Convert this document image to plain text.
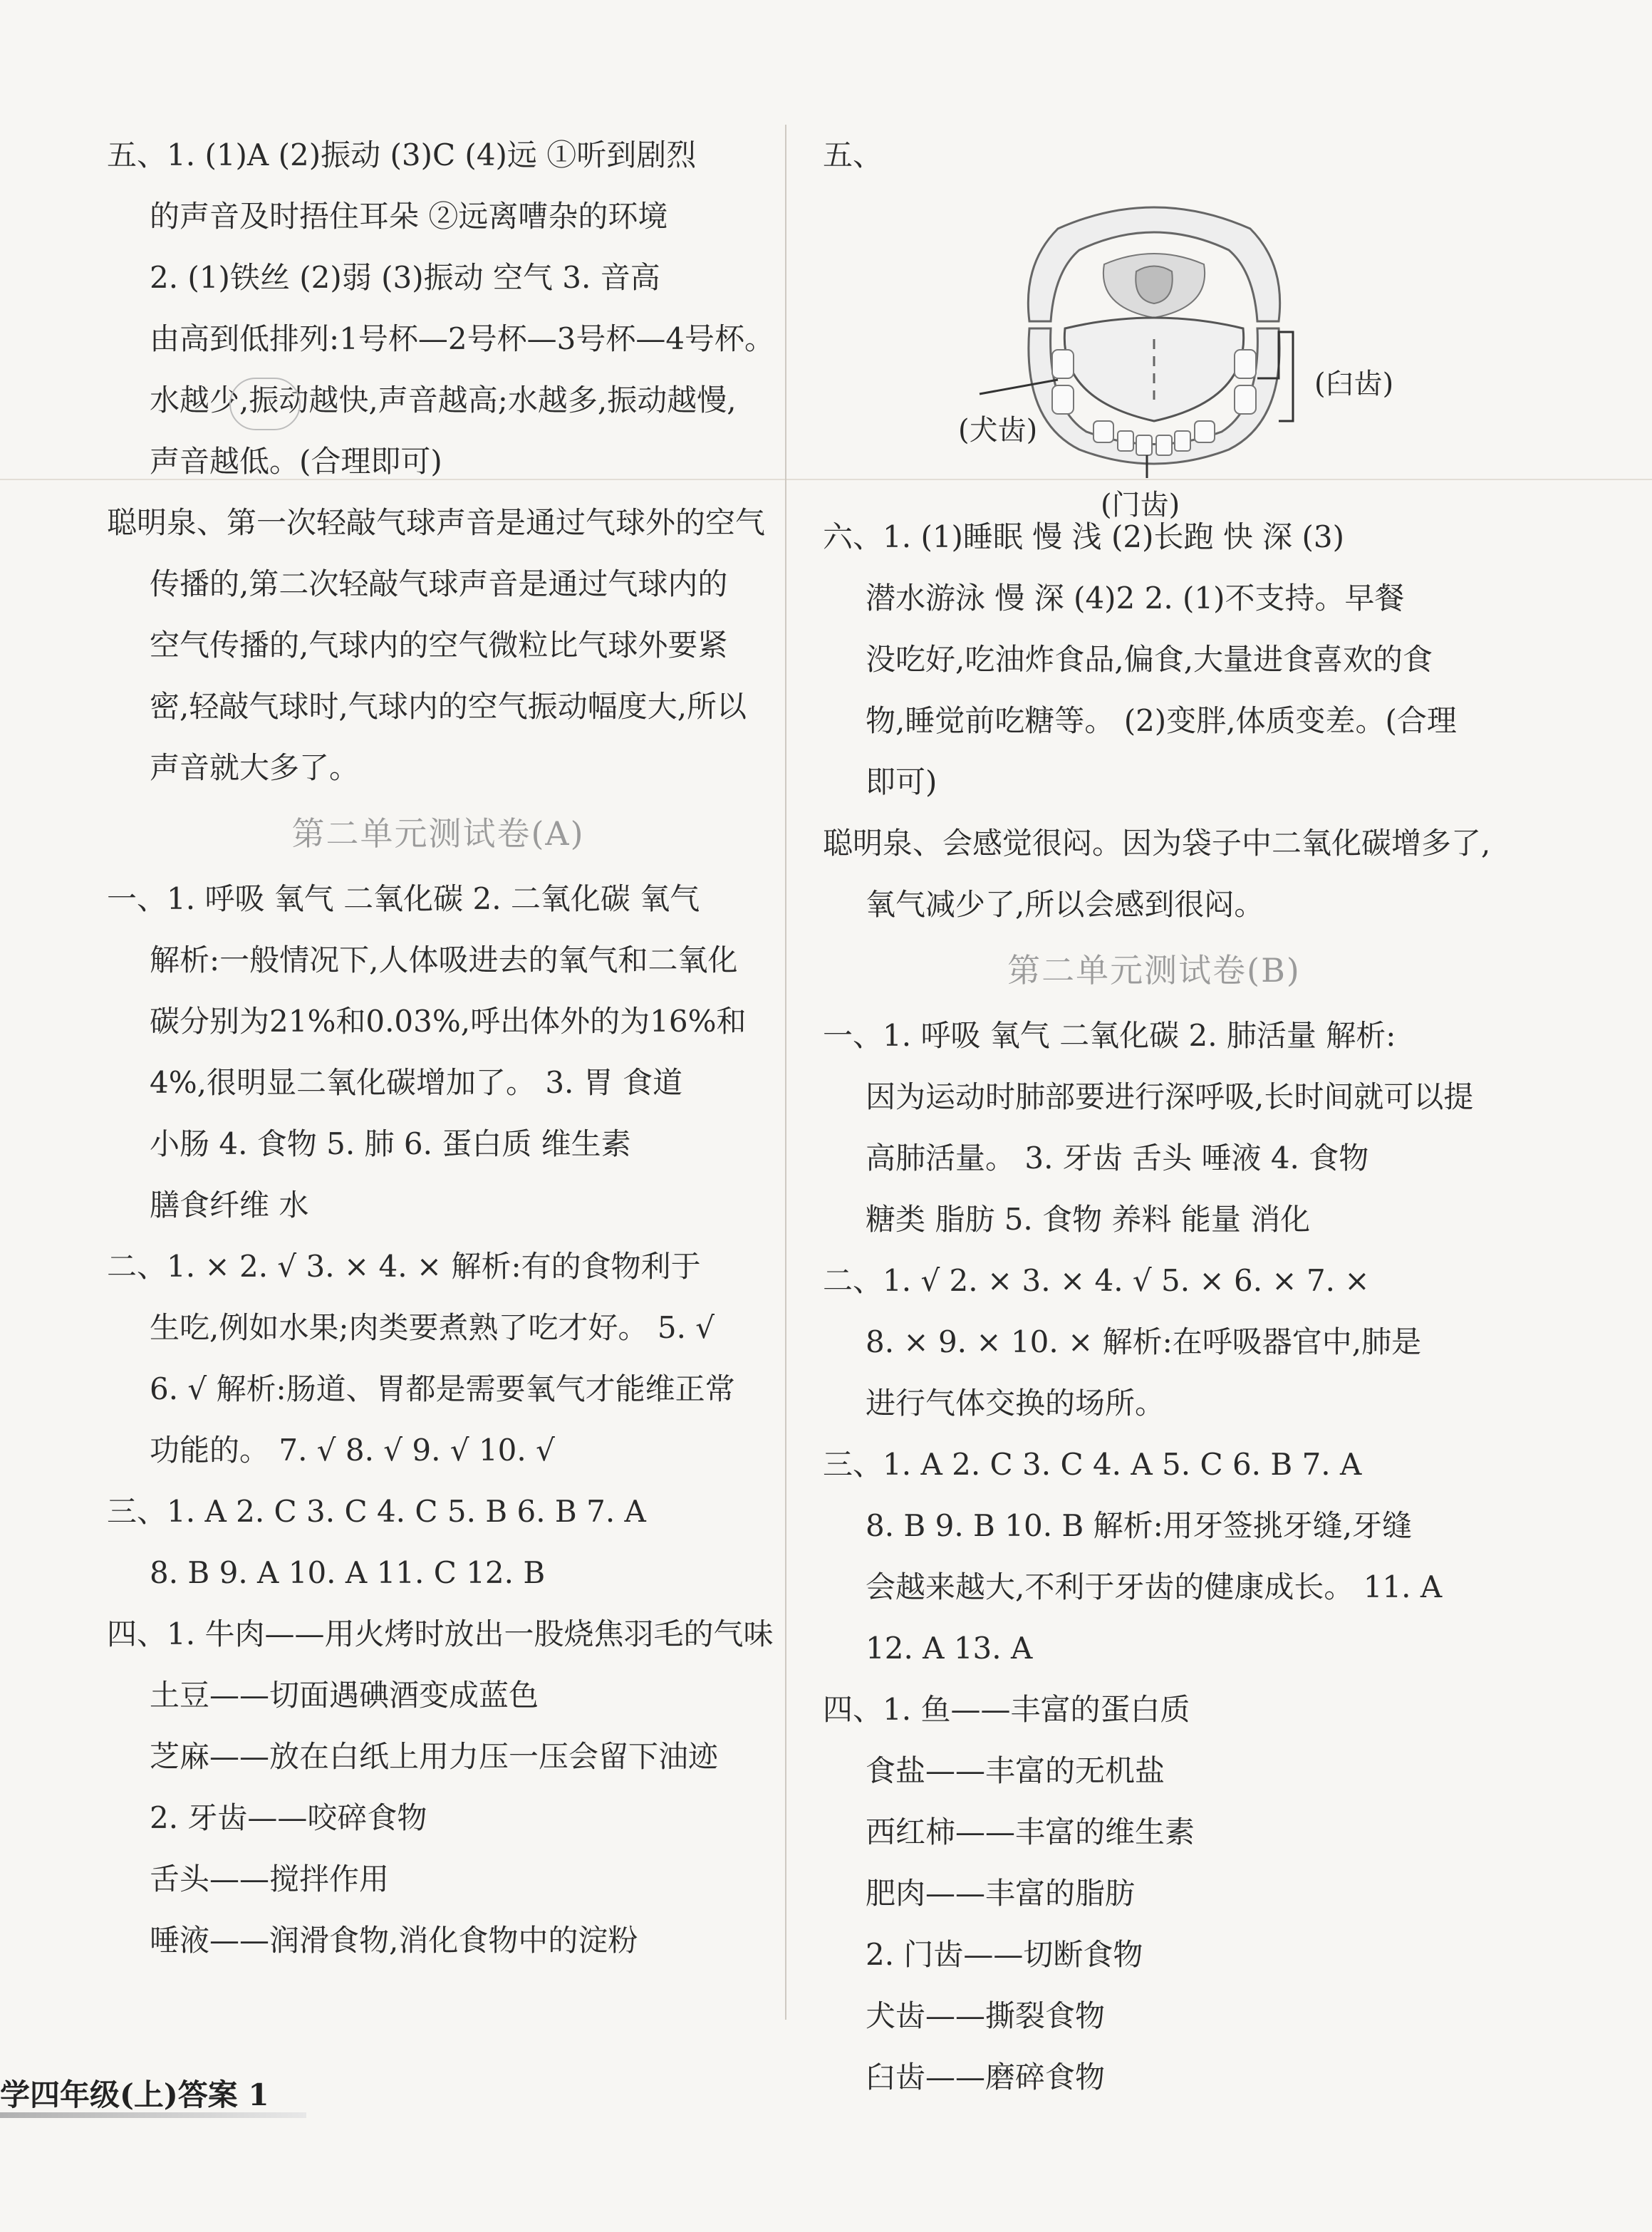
五、1. (1)A (2)振动 (3)C (4)远 ①听到剧烈
的声音及时捂住耳朵 ②远离嘈杂的环境
2. (1)铁丝 (2)弱 (3)振动 空气 3. 音高
由高到低排列:1号杯—2号杯—3号杯—4号杯。
水越少,振动越快,声音越高;水越多,振动越慢,
声音越低。(合理即可)
聪明泉、第一次轻敲气球声音是通过气球外的空气
传播的,第二次轻敲气球声音是通过气球内的
空气传播的,气球内的空气微粒比气球外要紧
密,轻敲气球时,气球内的空气振动幅度大,所以
声音就大多了。
第二单元测试卷(A)
一、1. 呼吸 氧气 二氧化碳 2. 二氧化碳 氧气
解析:一般情况下,人体吸进去的氧气和二氧化
碳分别为21%和0.03%,呼出体外的为16%和
4%,很明显二氧化碳增加了。 3. 胃 食道
小肠 4. 食物 5. 肺 6. 蛋白质 维生素
膳食纤维 水
二、1. × 2. √ 3. × 4. × 解析:有的食物利于
生吃,例如水果;肉类要煮熟了吃才好。 5. √
6. √ 解析:肠道、胃都是需要氧气才能维正常
功能的。 7. √ 8. √ 9. √ 10. √
三、1. A 2. C 3. C 4. C 5. B 6. B 7. A
8. B 9. A 10. A 11. C 12. B
四、1. 牛肉——用火烤时放出一股烧焦羽毛的气味
土豆——切面遇碘酒变成蓝色
芝麻——放在白纸上用力压一压会留下油迹
2. 牙齿——咬碎食物
舌头——搅拌作用
唾液——润滑食物,消化食物中的淀粉
五、
(臼齿)
(犬齿)
(门齿)
六、1. (1)睡眠 慢 浅 (2)长跑 快 深 (3)
潜水游泳 慢 深 (4)2 2. (1)不支持。早餐
没吃好,吃油炸食品,偏食,大量进食喜欢的食
物,睡觉前吃糖等。 (2)变胖,体质变差。(合理
即可)
聪明泉、会感觉很闷。因为袋子中二氧化碳增多了,
氧气减少了,所以会感到很闷。
第二单元测试卷(B)
一、1. 呼吸 氧气 二氧化碳 2. 肺活量 解析:
因为运动时肺部要进行深呼吸,长时间就可以提
高肺活量。 3. 牙齿 舌头 唾液 4. 食物
糖类 脂肪 5. 食物 养料 能量 消化
二、1. √ 2. × 3. × 4. √ 5. × 6. × 7. ×
8. × 9. × 10. × 解析:在呼吸器官中,肺是
进行气体交换的场所。
三、1. A 2. C 3. C 4. A 5. C 6. B 7. A
8. B 9. B 10. B 解析:用牙签挑牙缝,牙缝
会越来越大,不利于牙齿的健康成长。 11. A
12. A 13. A
四、1. 鱼——丰富的蛋白质
食盐——丰富的无机盐
西红柿——丰富的维生素
肥肉——丰富的脂肪
2. 门齿——切断食物
犬齿——撕裂食物
臼齿——磨碎食物
学四年级(上)答案 1
